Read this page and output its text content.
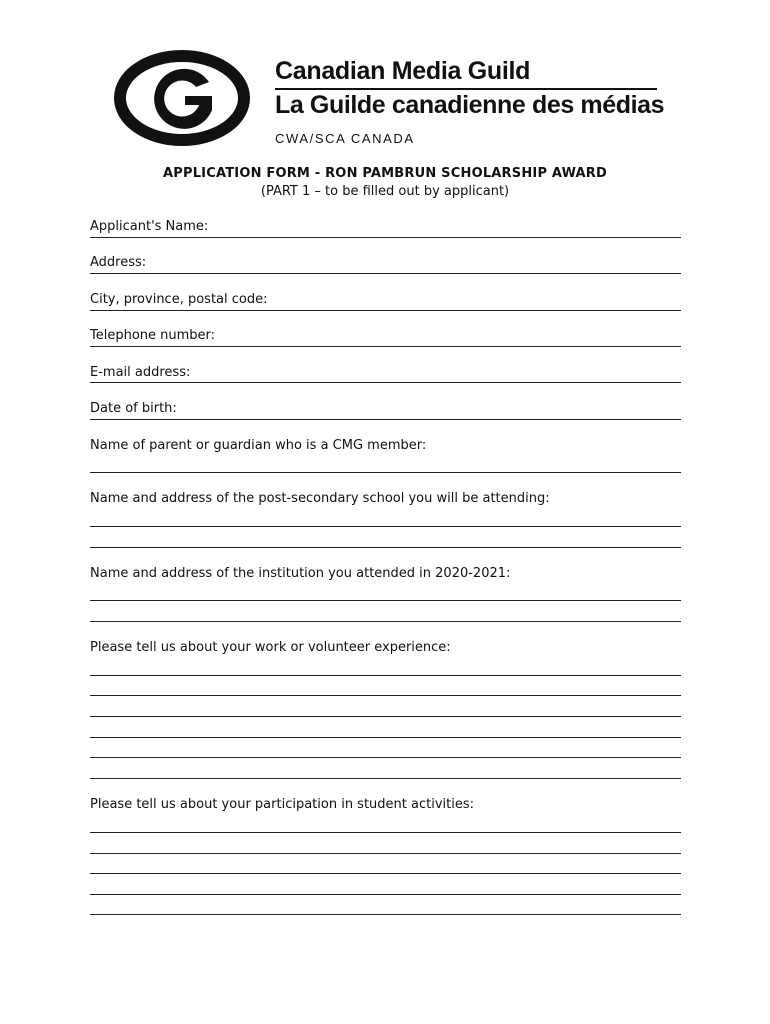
Canadian Media Guild
La Guilde canadienne des médias
CWA/SCA CANADA
APPLICATION FORM - RON PAMBRUN SCHOLARSHIP AWARD
(PART 1 – to be filled out by applicant)
Applicant's Name:
Address:
City, province, postal code:
Telephone number:
E-mail address:
Date of birth:
Name of parent or guardian who is a CMG member:
Name and address of the post-secondary school you will be attending:
Name and address of the institution you attended in 2020-2021:
Please tell us about your work or volunteer experience:
Please tell us about your participation in student activities:
